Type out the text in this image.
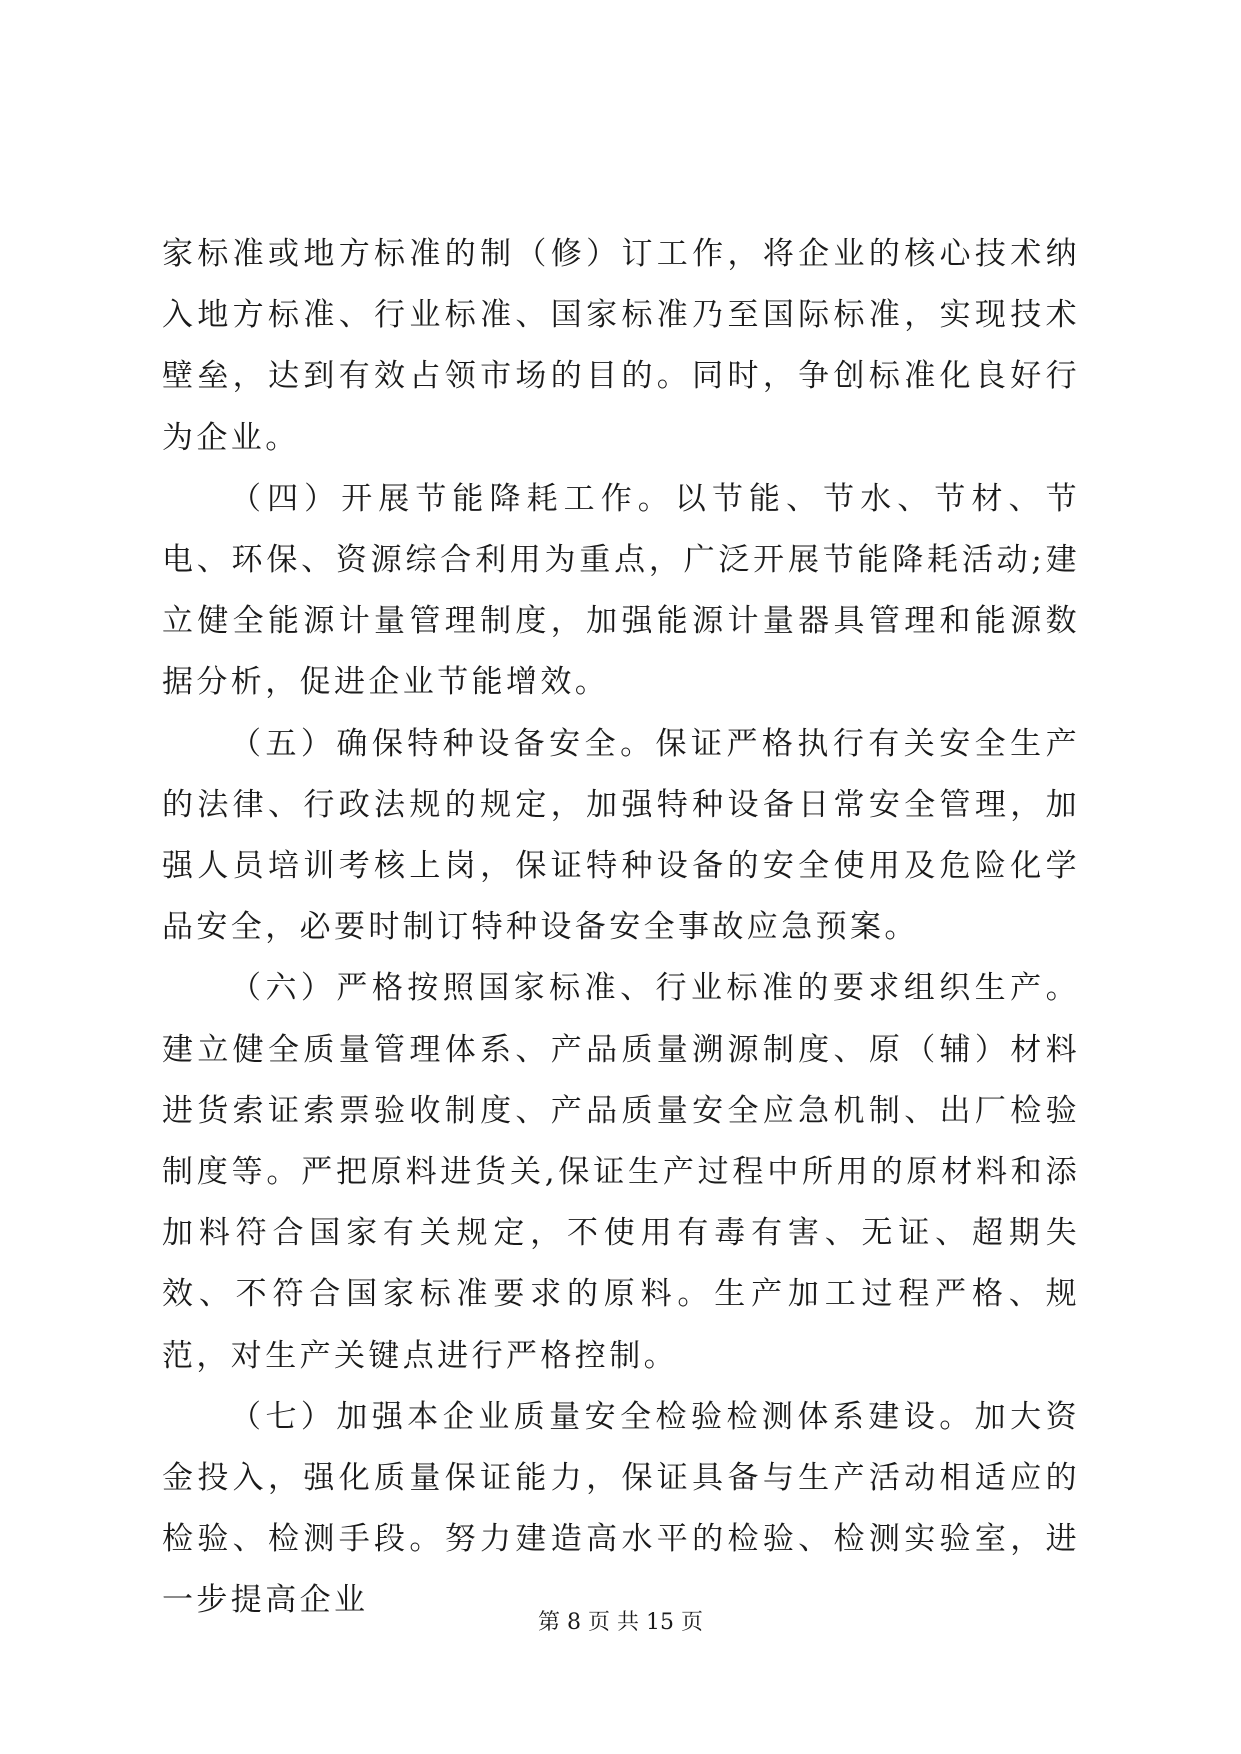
家标准或地方标准的制（修）订工作，将企业的核心技术纳入地方标准、行业标准、国家标准乃至国际标准，实现技术壁垒，达到有效占领市场的目的。同时，争创标准化良好行为企业。

（四）开展节能降耗工作。以节能、节水、节材、节电、环保、资源综合利用为重点，广泛开展节能降耗活动;建立健全能源计量管理制度，加强能源计量器具管理和能源数据分析，促进企业节能增效。

（五）确保特种设备安全。保证严格执行有关安全生产的法律、行政法规的规定，加强特种设备日常安全管理，加强人员培训考核上岗，保证特种设备的安全使用及危险化学品安全，必要时制订特种设备安全事故应急预案。

（六）严格按照国家标准、行业标准的要求组织生产。建立健全质量管理体系、产品质量溯源制度、原（辅）材料进货索证索票验收制度、产品质量安全应急机制、出厂检验制度等。严把原料进货关,保证生产过程中所用的原材料和添加料符合国家有关规定，不使用有毒有害、无证、超期失效、不符合国家标准要求的原料。生产加工过程严格、规范，对生产关键点进行严格控制。

（七）加强本企业质量安全检验检测体系建设。加大资金投入，强化质量保证能力，保证具备与生产活动相适应的检验、检测手段。努力建造高水平的检验、检测实验室，进一步提高企业

第 8 页 共 15 页
